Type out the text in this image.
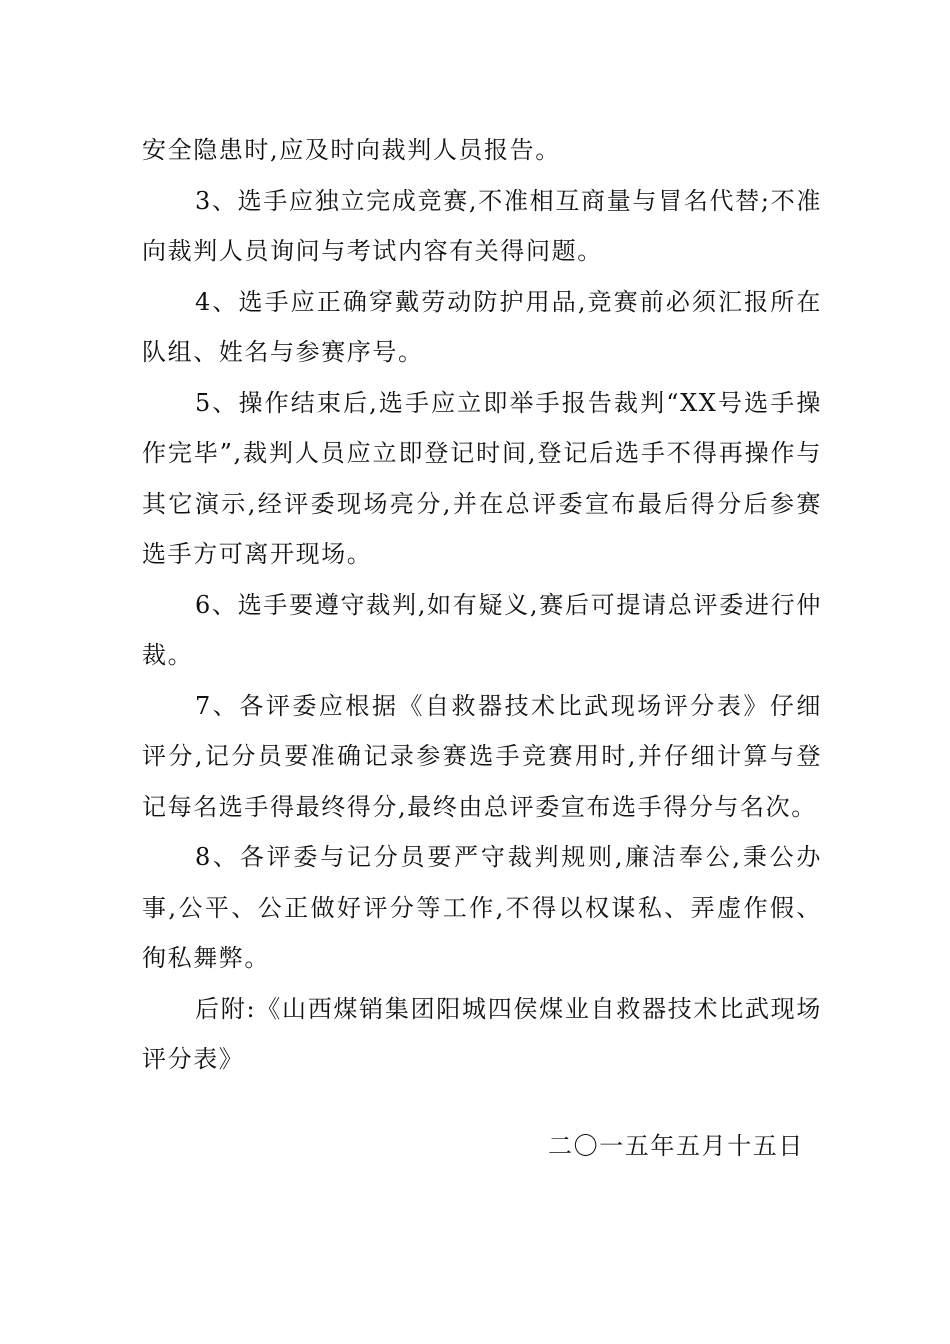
安全隐患时,应及时向裁判人员报告。

3、选手应独立完成竞赛,不准相互商量与冒名代替;不准向裁判人员询问与考试内容有关得问题。

4、选手应正确穿戴劳动防护用品,竞赛前必须汇报所在队组、姓名与参赛序号。

5、操作结束后,选手应立即举手报告裁判“XX号选手操作完毕”,裁判人员应立即登记时间,登记后选手不得再操作与其它演示,经评委现场亮分,并在总评委宣布最后得分后参赛选手方可离开现场。

6、选手要遵守裁判,如有疑义,赛后可提请总评委进行仲裁。

7、各评委应根据《自救器技术比武现场评分表》仔细评分,记分员要准确记录参赛选手竞赛用时,并仔细计算与登记每名选手得最终得分,最终由总评委宣布选手得分与名次。

8、各评委与记分员要严守裁判规则,廉洁奉公,秉公办事,公平、公正做好评分等工作,不得以权谋私、弄虚作假、徇私舞弊。

后附:《山西煤销集团阳城四侯煤业自救器技术比武现场评分表》

二〇一五年五月十五日
